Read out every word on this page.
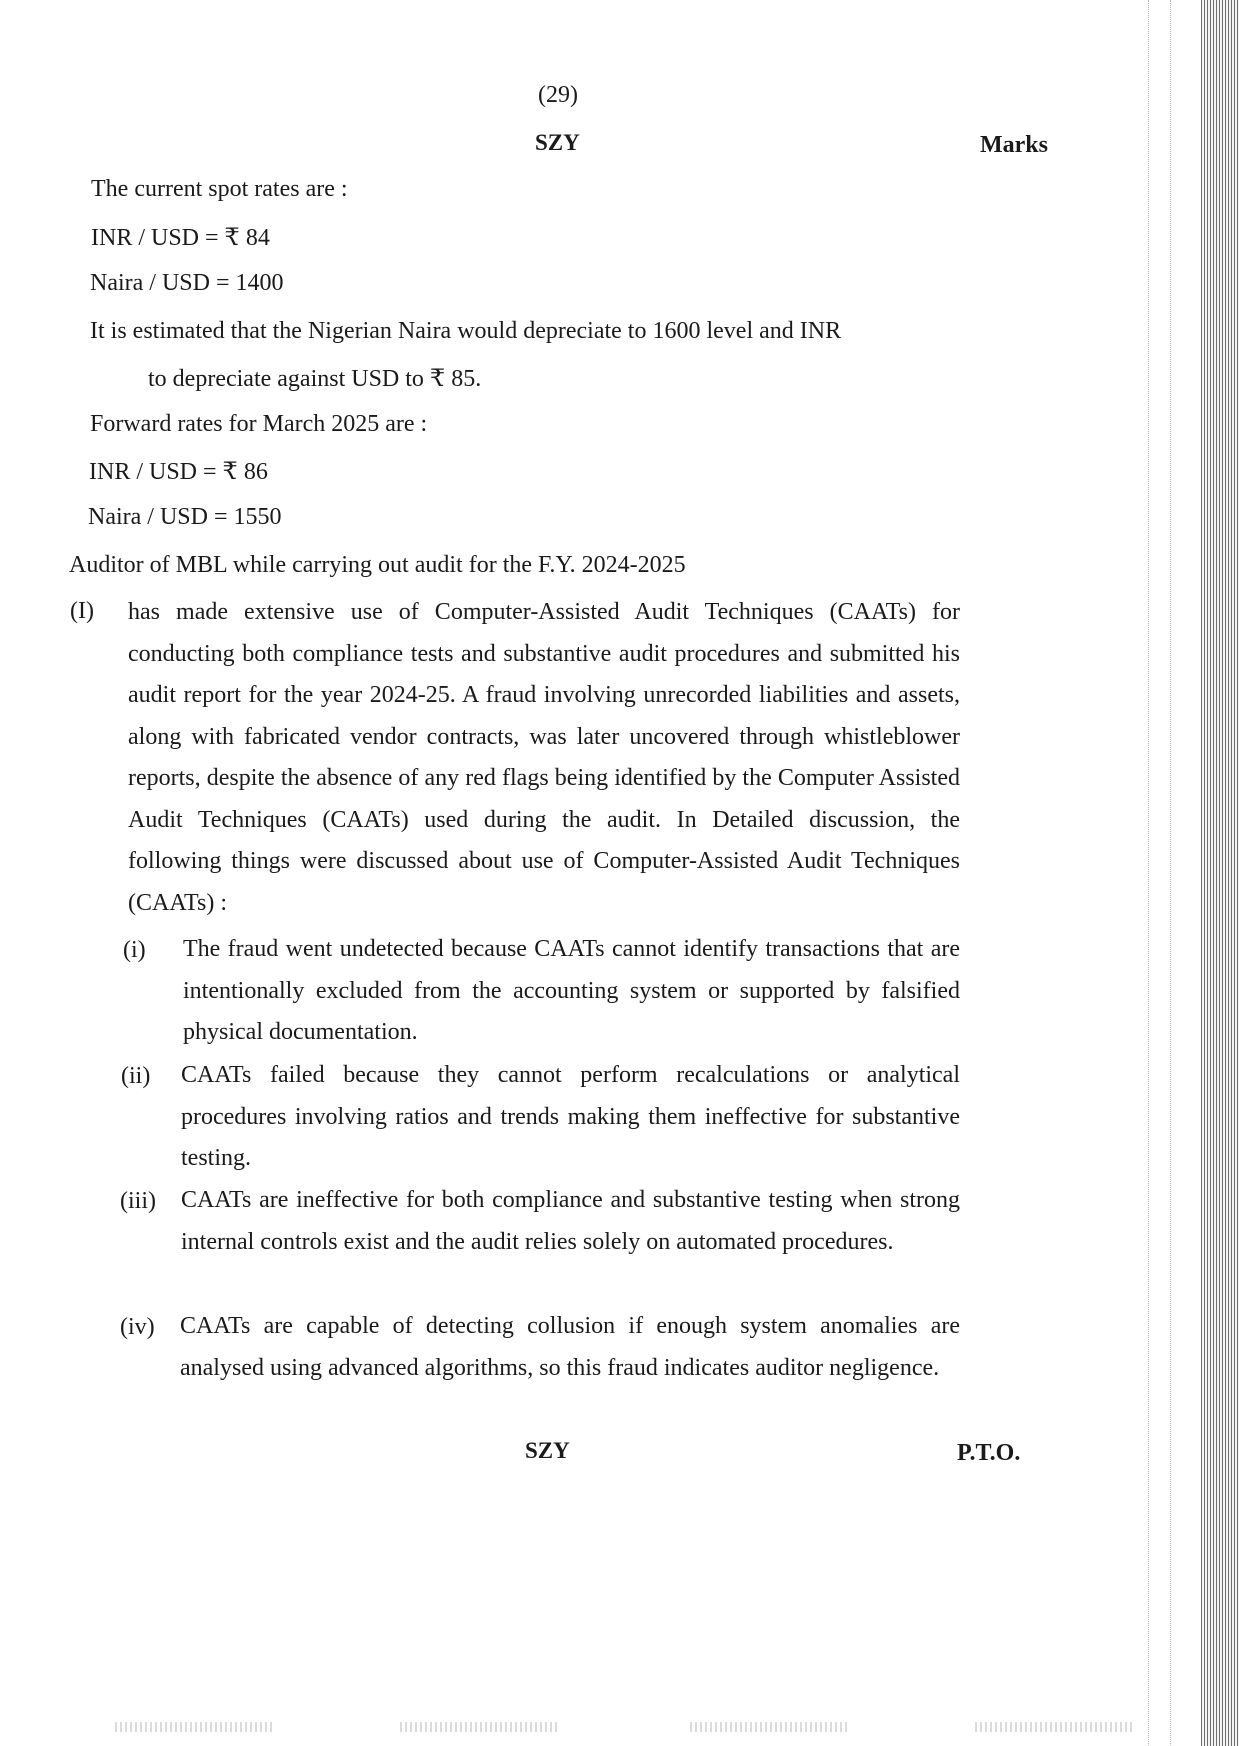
(29)
SZY	Marks
The current spot rates are :
INR / USD = ₹ 84
Naira / USD = 1400
It is estimated that the Nigerian Naira would depreciate to 1600 level and INR
to depreciate against USD to ₹ 85.
Forward rates for March 2025 are :
INR / USD = ₹ 86
Naira / USD = 1550
Auditor of MBL while carrying out audit for the F.Y. 2024-2025
(I) has made extensive use of Computer-Assisted Audit Techniques (CAATs) for conducting both compliance tests and substantive audit procedures and submitted his audit report for the year 2024-25. A fraud involving unrecorded liabilities and assets, along with fabricated vendor contracts, was later uncovered through whistleblower reports, despite the absence of any red flags being identified by the Computer Assisted Audit Techniques (CAATs) used during the audit. In Detailed discussion, the following things were discussed about use of Computer-Assisted Audit Techniques (CAATs) :
(i) The fraud went undetected because CAATs cannot identify transactions that are intentionally excluded from the accounting system or supported by falsified physical documentation.
(ii) CAATs failed because they cannot perform recalculations or analytical procedures involving ratios and trends making them ineffective for substantive testing.
(iii) CAATs are ineffective for both compliance and substantive testing when strong internal controls exist and the audit relies solely on automated procedures.
(iv) CAATs are capable of detecting collusion if enough system anomalies are analysed using advanced algorithms, so this fraud indicates auditor negligence.
SZY	P.T.O.
